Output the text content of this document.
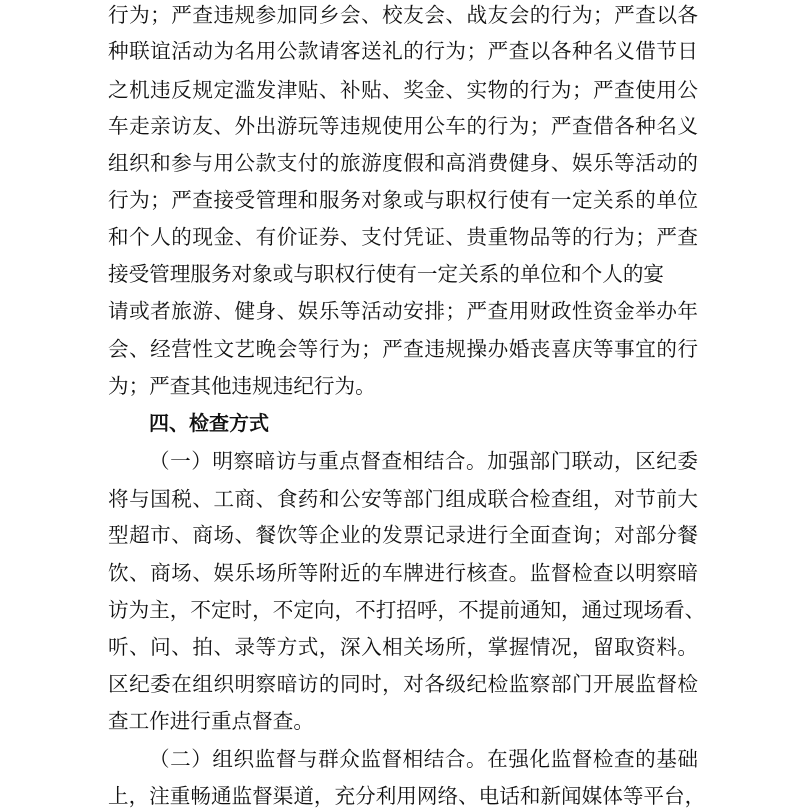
行为；严查违规参加同乡会、校友会、战友会的行为；严查以各
种联谊活动为名用公款请客送礼的行为；严查以各种名义借节日
之机违反规定滥发津贴、补贴、奖金、实物的行为；严查使用公
车走亲访友、外出游玩等违规使用公车的行为；严查借各种名义
组织和参与用公款支付的旅游度假和高消费健身、娱乐等活动的
行为；严查接受管理和服务对象或与职权行使有一定关系的单位
和个人的现金、有价证券、支付凭证、贵重物品等的行为；严查
接受管理服务对象或与职权行使有一定关系的单位和个人的宴
请或者旅游、健身、娱乐等活动安排；严查用财政性资金举办年
会、经营性文艺晚会等行为；严查违规操办婚丧喜庆等事宜的行
为；严查其他违规违纪行为。
四、检查方式
（一）明察暗访与重点督查相结合。加强部门联动，区纪委
将与国税、工商、食药和公安等部门组成联合检查组，对节前大
型超市、商场、餐饮等企业的发票记录进行全面查询；对部分餐
饮、商场、娱乐场所等附近的车牌进行核查。监督检查以明察暗
访为主，不定时，不定向，不打招呼，不提前通知，通过现场看、
听、问、拍、录等方式，深入相关场所，掌握情况，留取资料。
区纪委在组织明察暗访的同时，对各级纪检监察部门开展监督检
查工作进行重点督查。
（二）组织监督与群众监督相结合。在强化监督检查的基础
上，注重畅通监督渠道，充分利用网络、电话和新闻媒体等平台，
